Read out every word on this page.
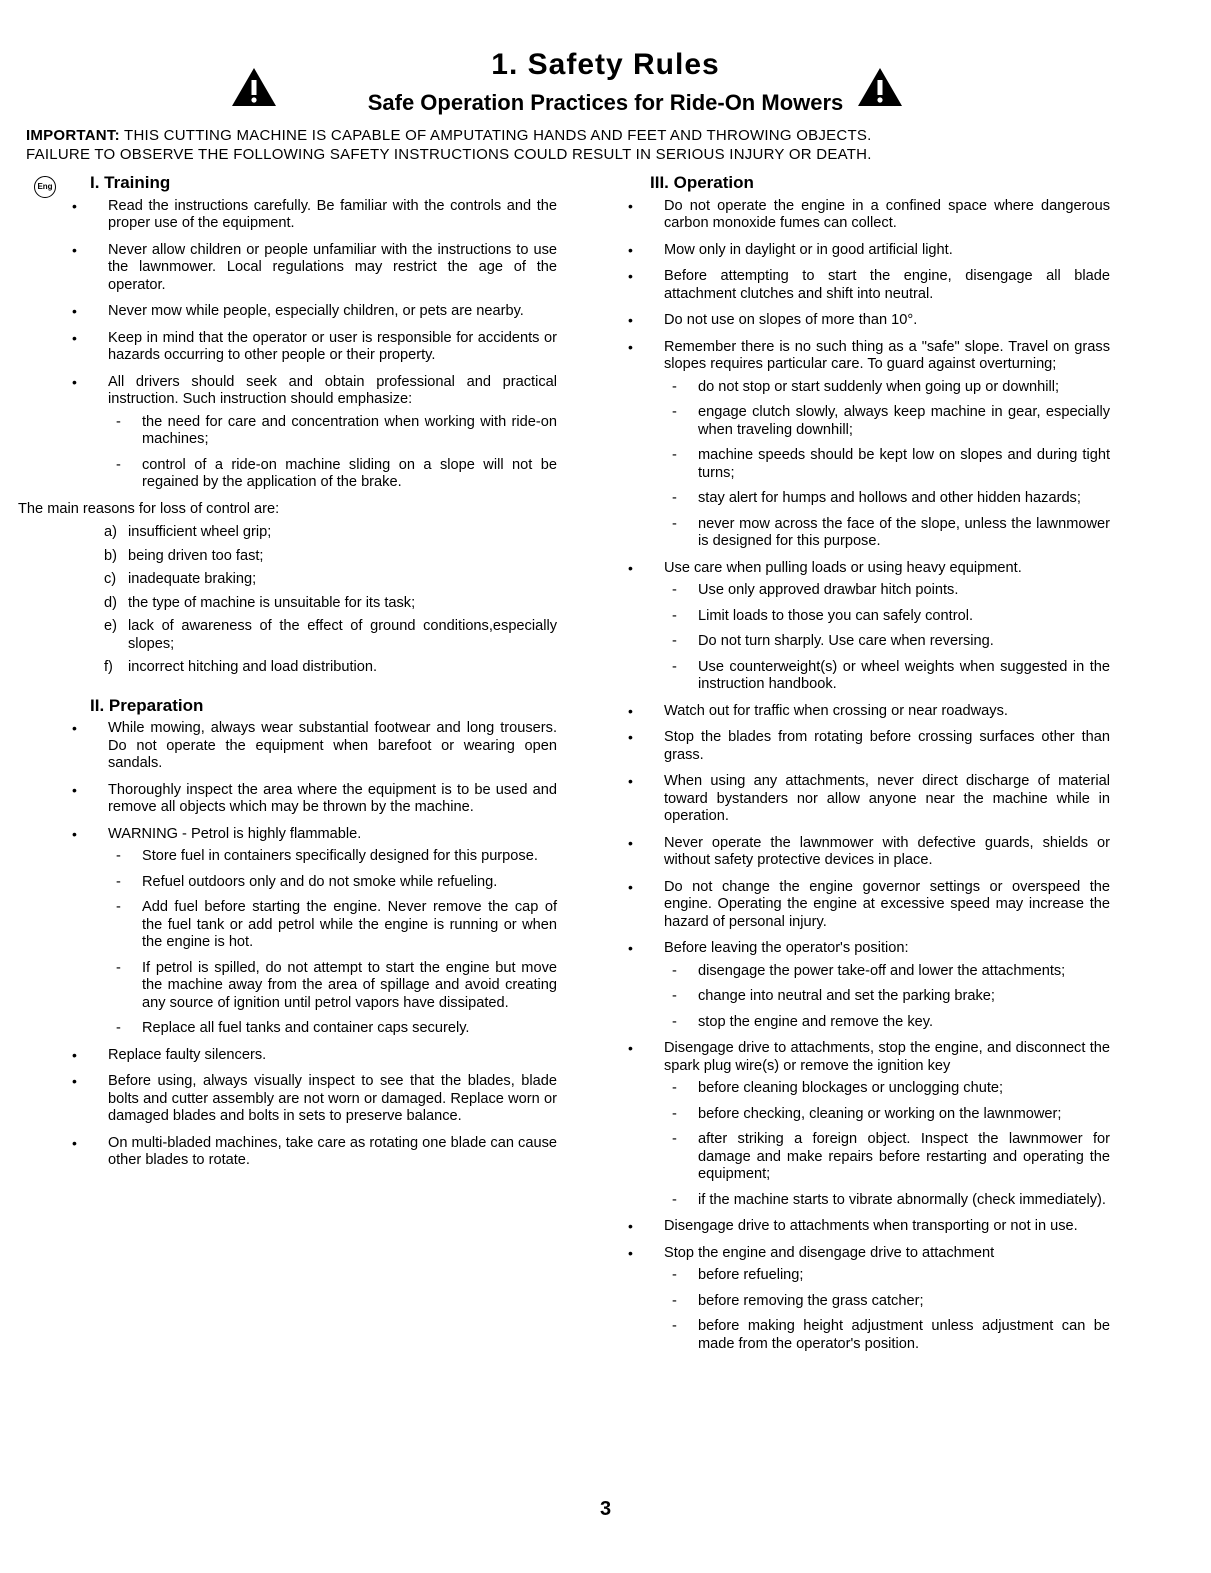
1. Safety Rules
Safe Operation Practices for Ride-On Mowers

IMPORTANT: THIS CUTTING MACHINE IS CAPABLE OF AMPUTATING HANDS AND FEET AND THROWING OBJECTS.
FAILURE TO OBSERVE THE FOLLOWING SAFETY INSTRUCTIONS COULD RESULT IN SERIOUS INJURY OR DEATH.

Eng I. Training
• Read the instructions carefully. Be familiar with the controls and the proper use of the equipment.
• Never allow children or people unfamiliar with the instructions to use the lawnmower. Local regulations may restrict the age of the operator.
• Never mow while people, especially children, or pets are nearby.
• Keep in mind that the operator or user is responsible for accidents or hazards occurring to other people or their property.
• All drivers should seek and obtain professional and practical instruction. Such instruction should emphasize:
- the need for care and concentration when working with ride-on machines;
- control of a ride-on machine sliding on a slope will not be regained by the application of the brake.

The main reasons for loss of control are:

a) insufficient wheel grip;
b) being driven too fast;
c) inadequate braking;
d) the type of machine is unsuitable for its task;
e) lack of awareness of the effect of ground conditions,especially slopes;
f) incorrect hitching and load distribution.
II. Preparation
• While mowing, always wear substantial footwear and long trousers. Do not operate the equipment when barefoot or wearing open sandals.
• Thoroughly inspect the area where the equipment is to be used and remove all objects which may be thrown by the machine.
• WARNING - Petrol is highly flammable.
- Store fuel in containers specifically designed for this purpose.
- Refuel outdoors only and do not smoke while refueling.
- Add fuel before starting the engine. Never remove the cap of the fuel tank or add petrol while the engine is running or when the engine is hot.
- If petrol is spilled, do not attempt to start the engine but move the machine away from the area of spillage and avoid creating any source of ignition until petrol vapors have dissipated.
- Replace all fuel tanks and container caps securely.
• Replace faulty silencers.
• Before using, always visually inspect to see that the blades, blade bolts and cutter assembly are not worn or damaged. Replace worn or damaged blades and bolts in sets to preserve balance.
• On multi-bladed machines, take care as rotating one blade can cause other blades to rotate.
III. Operation
• Do not operate the engine in a confined space where dangerous carbon monoxide fumes can collect.
• Mow only in daylight or in good artificial light.
• Before attempting to start the engine, disengage all blade attachment clutches and shift into neutral.
• Do not use on slopes of more than 10°.
• Remember there is no such thing as a "safe" slope. Travel on grass slopes requires particular care. To guard against overturning;
- do not stop or start suddenly when going up or downhill;
- engage clutch slowly, always keep machine in gear, especially when traveling downhill;
- machine speeds should be kept low on slopes and during tight turns;
- stay alert for humps and hollows and other hidden hazards;
- never mow across the face of the slope, unless the lawnmower is designed for this purpose.
• Use care when pulling loads or using heavy equipment.
- Use only approved drawbar hitch points.
- Limit loads to those you can safely control.
- Do not turn sharply. Use care when reversing.
- Use counterweight(s) or wheel weights when suggested in the instruction handbook.
• Watch out for traffic when crossing or near roadways.
• Stop the blades from rotating before crossing surfaces other than grass.
• When using any attachments, never direct discharge of material toward bystanders nor allow anyone near the machine while in operation.
• Never operate the lawnmower with defective guards, shields or without safety protective devices in place.
• Do not change the engine governor settings or overspeed the engine. Operating the engine at excessive speed may increase the hazard of personal injury.
• Before leaving the operator's position:
- disengage the power take-off and lower the attachments;
- change into neutral and set the parking brake;
- stop the engine and remove the key.
• Disengage drive to attachments, stop the engine, and disconnect the spark plug wire(s) or remove the ignition key
- before cleaning blockages or unclogging chute;
- before checking, cleaning or working on the lawnmower;
- after striking a foreign object. Inspect the lawnmower for damage and make repairs before restarting and operating the equipment;
- if the machine starts to vibrate abnormally (check immediately).
• Disengage drive to attachments when transporting or not in use.
• Stop the engine and disengage drive to attachment
- before refueling;
- before removing the grass catcher;
- before making height adjustment unless adjustment can be made from the operator's position.
3
